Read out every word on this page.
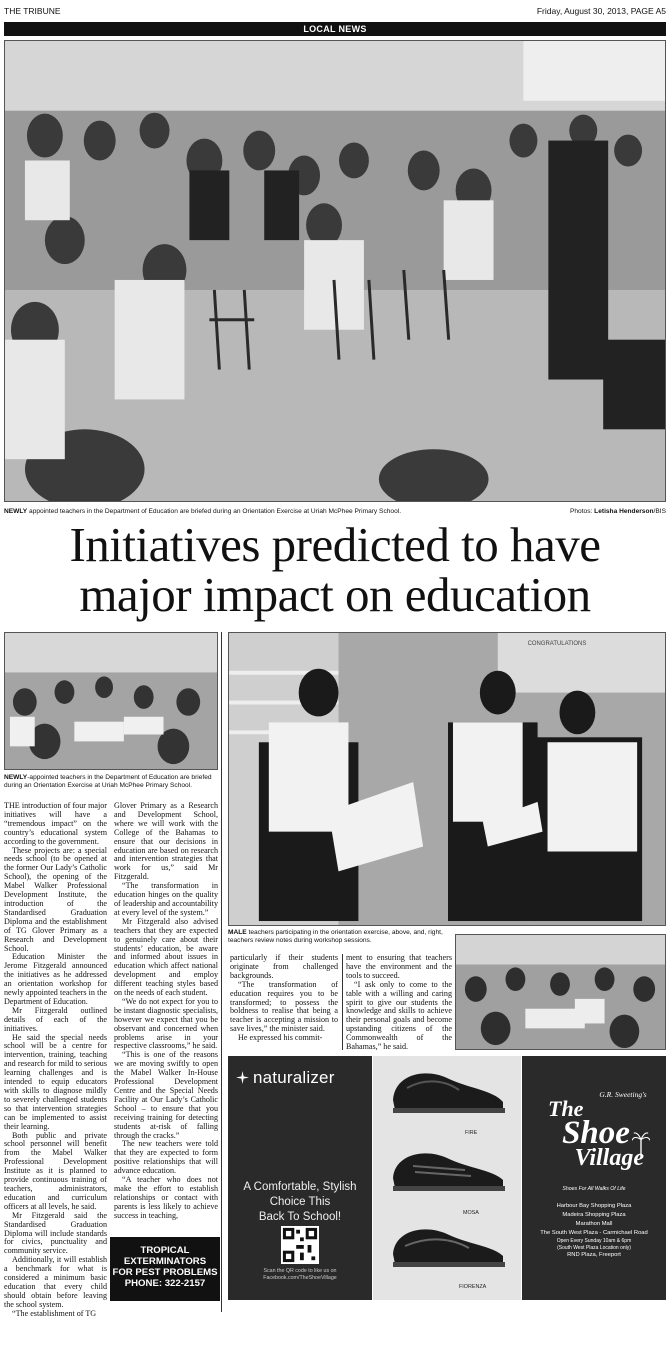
THE TRIBUNE	Friday, August 30, 2013, PAGE A5
LOCAL NEWS
NEWLY appointed teachers in the Department of Education are briefed during an Orientation Exercise at Uriah McPhee Primary School.	Photos: Letisha Henderson/BIS
Initiatives predicted to have
major impact on education
NEWLY-appointed teachers in the Department of Education are briefed during an Orientation Exercise at Uriah McPhee Primary School.
CONGRATULATIONS
MALE teachers participating in the orientation exercise, above, and, right, teachers review notes during workshop sessions.

THE introduction of four major initiatives will have a “tremendous impact” on the country’s educational system according to the government.

These projects are: a special needs school (to be opened at the former Our Lady’s Catholic School), the opening of the Mabel Walker Professional Development Institute, the introduction of the Standardised Graduation Diploma and the establishment of TG Glover Primary as a Research and Development School.

Education Minister the Jerome Fitzgerald announced the initiatives as he addressed an orientation workshop for newly appointed teachers in the Department of Education.

Mr Fitzgerald outlined details of each of the initiatives.

He said the special needs school will be a centre for intervention, training, teaching and research for mild to serious learning challenges and is intended to equip educators with skills to diagnose mildly to severely challenged students so that intervention strategies can be implemented to assist their learning.

Both public and private school personnel will benefit from the Mabel Walker Professional Development Institute as it is planned to provide continuous training of teachers, administrators, education and curriculum officers at all levels, he said.

Mr Fitzgerald said the Standardised Graduation Diploma will include standards for civics, punctuality and community service.

Additionally, it will establish a benchmark for what is considered a minimum basic education that every child should obtain before leaving the school system.

“The establishment of TG

Glover Primary as a Research and Development School, where we will work with the College of the Bahamas to ensure that our decisions in education are based on research and intervention strategies that work for us,” said Mr Fitzgerald.

“The transformation in education hinges on the quality of leadership and accountability at every level of the system.”

Mr Fitzgerald also advised teachers that they are expected to genuinely care about their students’ education, be aware and informed about issues in education which affect national development and employ different teaching styles based on the needs of each student.

“We do not expect for you to be instant diagnostic specialists, however we expect that you be observant and concerned when problems arise in your respective classrooms,” he said.

“This is one of the reasons we are moving swiftly to open the Mabel Walker In-House Professional Development Centre and the Special Needs Facility at Our Lady’s Catholic School – to ensure that you receiving training for detecting students at-risk of falling through the cracks.”

The new teachers were told that they are expected to form positive relationships that will advance education.

“A teacher who does not make the effort to establish relationships or contact with parents is less likely to achieve success in teaching,

particularly if their students originate from challenged backgrounds.

“The transformation of education requires you to be transformed; to possess the boldness to realise that being a teacher is accepting a mission to save lives,” the minister said.

He expressed his commit-

ment to ensuring that teachers have the environment and the tools to succeed.

“I ask only to come to the table with a willing and caring spirit to give our students the knowledge and skills to achieve their personal goals and become upstanding citizens of the Commonwealth of the Bahamas,” he said.

TROPICAL
EXTERMINATORS
FOR PEST PROBLEMS
PHONE: 322-2157
naturalizer
A Comfortable, Stylish
Choice This
Back To School!
Scan the QR code to like us on Facebook.com/TheShoeVillage
FIRE
MOSA
FIORENZA
G.R. Sweeting's
The
Shoe
Village
Shoes For All Walks Of Life
Harbour Bay Shopping Plaza
Madeira Shopping Plaza
Marathon Mall
The South West Plaza - Carmichael Road
Open Every Sunday 10am & 6pm
(South West Plaza Location only)
RND Plaza, Freeport
